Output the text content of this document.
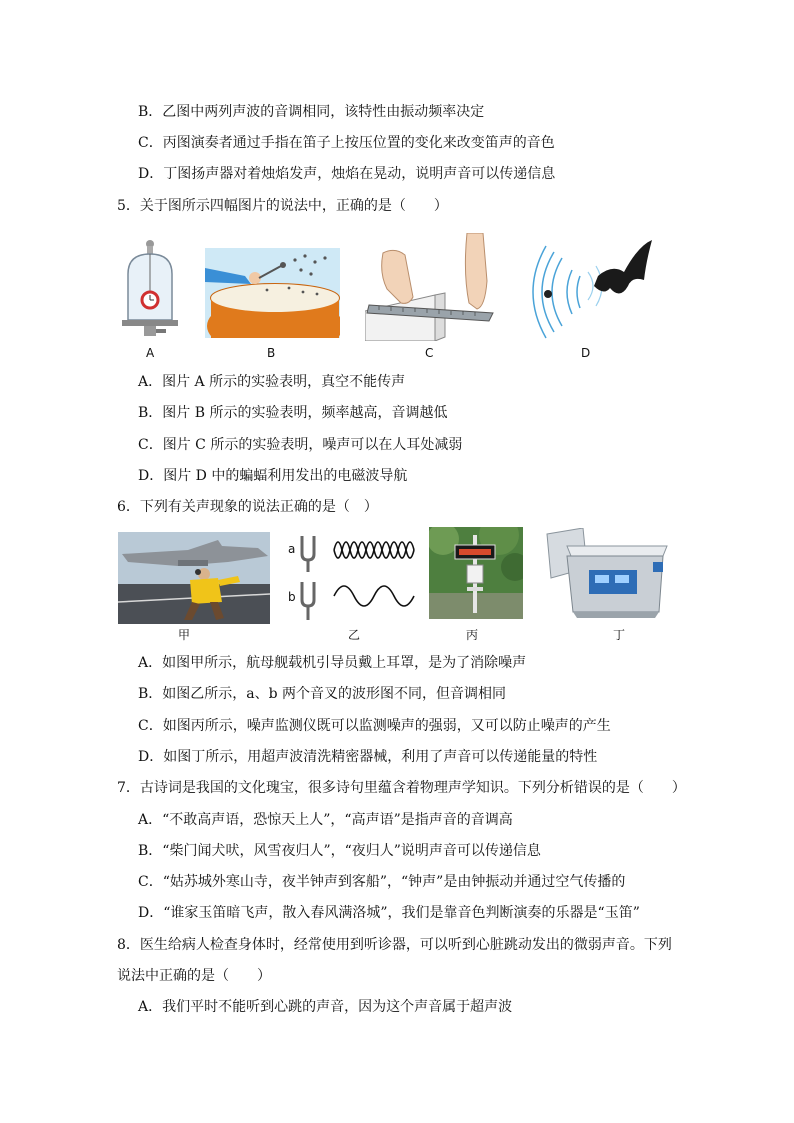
B．乙图中两列声波的音调相同，该特性由振动频率决定
C．丙图演奏者通过手指在笛子上按压位置的变化来改变笛声的音色
D．丁图扬声器对着烛焰发声，烛焰在晃动，说明声音可以传递信息
5．关于图所示四幅图片的说法中，正确的是（　　）
A	B	C	D
A．图片 A 所示的实验表明，真空不能传声
B．图片 B 所示的实验表明，频率越高，音调越低
C．图片 C 所示的实验表明，噪声可以在人耳处减弱
D．图片 D 中的蝙蝠利用发出的电磁波导航
6．下列有关声现象的说法正确的是（　）
a
b
甲	乙	丙	丁
A．如图甲所示，航母舰载机引导员戴上耳罩，是为了消除噪声
B．如图乙所示，a、b 两个音叉的波形图不同，但音调相同
C．如图丙所示，噪声监测仪既可以监测噪声的强弱，又可以防止噪声的产生
D．如图丁所示，用超声波清洗精密器械，利用了声音可以传递能量的特性
7．古诗词是我国的文化瑰宝，很多诗句里蕴含着物理声学知识。下列分析错误的是（　　）
A．“不敢高声语，恐惊天上人”，“高声语”是指声音的音调高
B．“柴门闻犬吠，风雪夜归人”，“夜归人”说明声音可以传递信息
C．“姑苏城外寒山寺，夜半钟声到客船”，“钟声”是由钟振动并通过空气传播的
D．“谁家玉笛暗飞声，散入春风满洛城”，我们是靠音色判断演奏的乐器是“玉笛”
8．医生给病人检查身体时，经常使用到听诊器，可以听到心脏跳动发出的微弱声音。下列
说法中正确的是（　　）
A．我们平时不能听到心跳的声音，因为这个声音属于超声波
